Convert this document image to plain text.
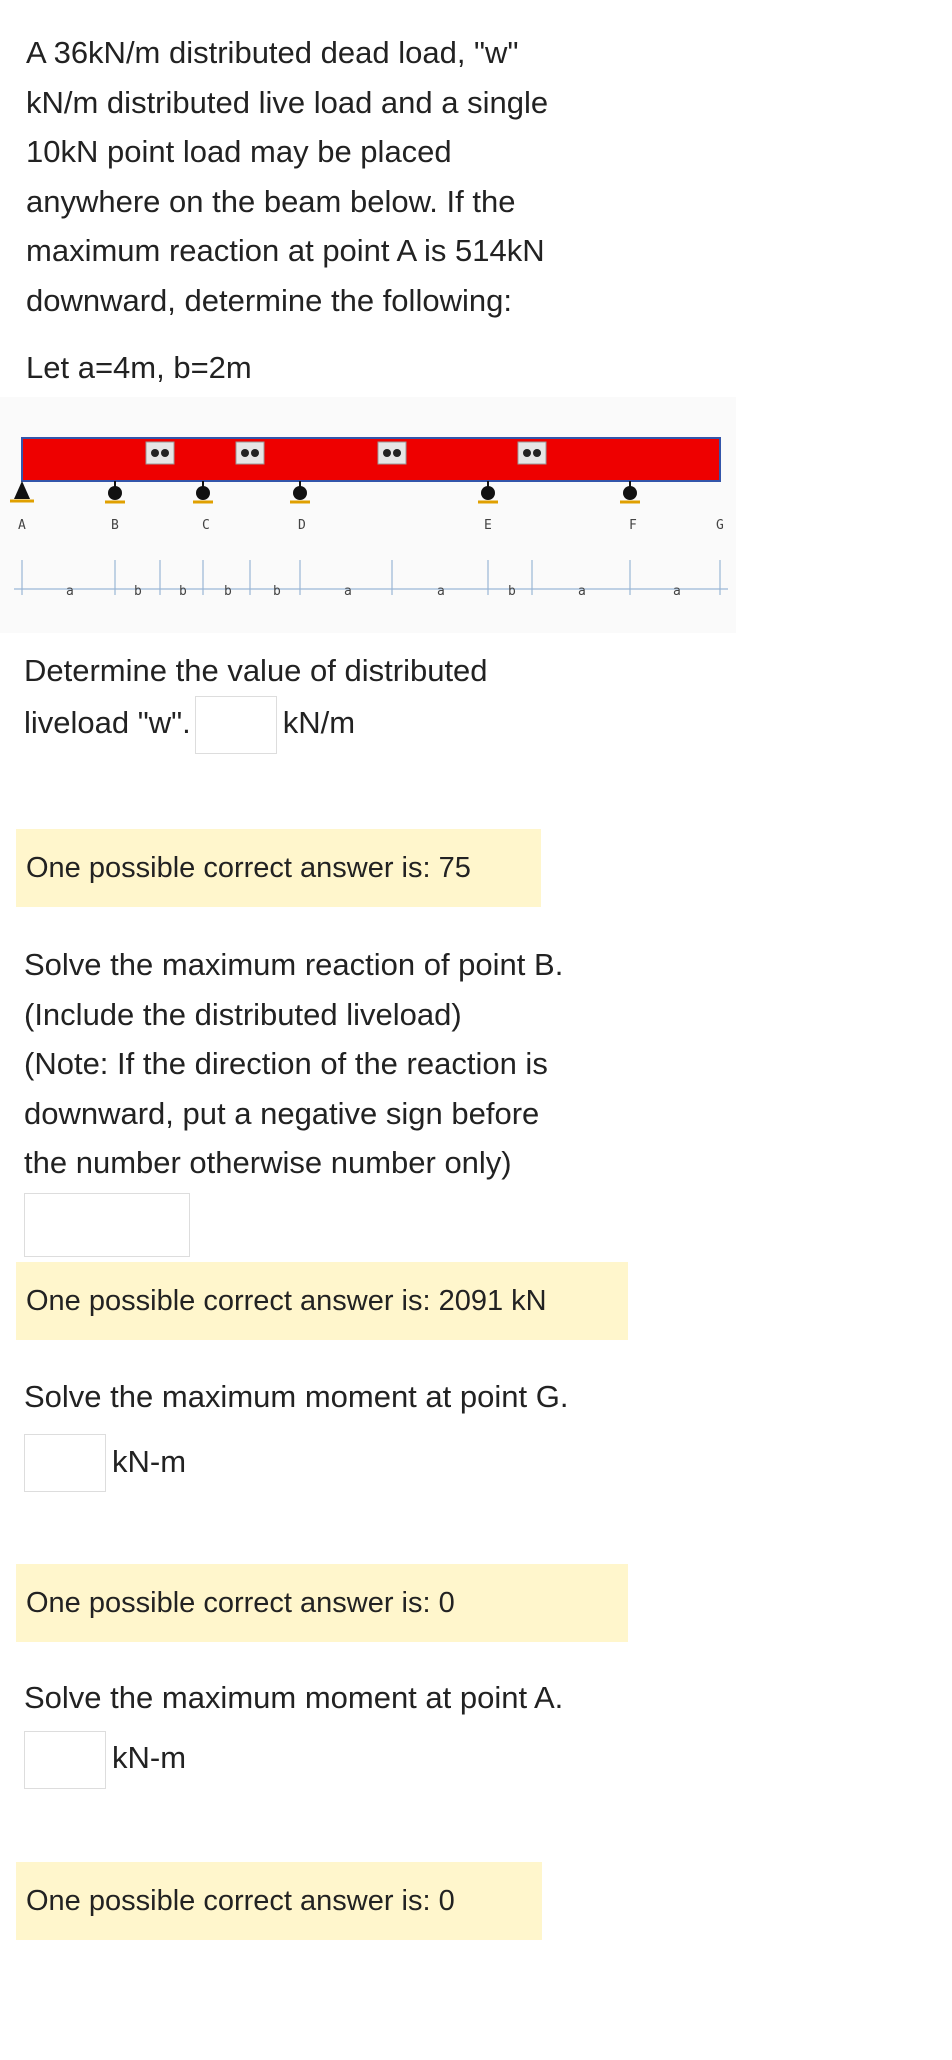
A 36kN/m distributed dead load, "w"

kN/m distributed live load and a single

10kN point load may be placed

anywhere on the beam below. If the

maximum reaction at point A is 514kN

downward, determine the following:

Let a=4m, b=2m
A	B	C	D	E	F	G
a	b	b	b	b	a	a	b	a	a

Determine the value of distributed

liveload "w".	kN/m

One possible correct answer is: 75

Solve the maximum reaction of point B.

(Include the distributed liveload)

(Note: If the direction of the reaction is

downward, put a negative sign before

the number otherwise number only)

One possible correct answer is: 2091 kN

Solve the maximum moment at point G.

kN-m
One possible correct answer is: 0

Solve the maximum moment at point A.

kN-m
One possible correct answer is: 0
